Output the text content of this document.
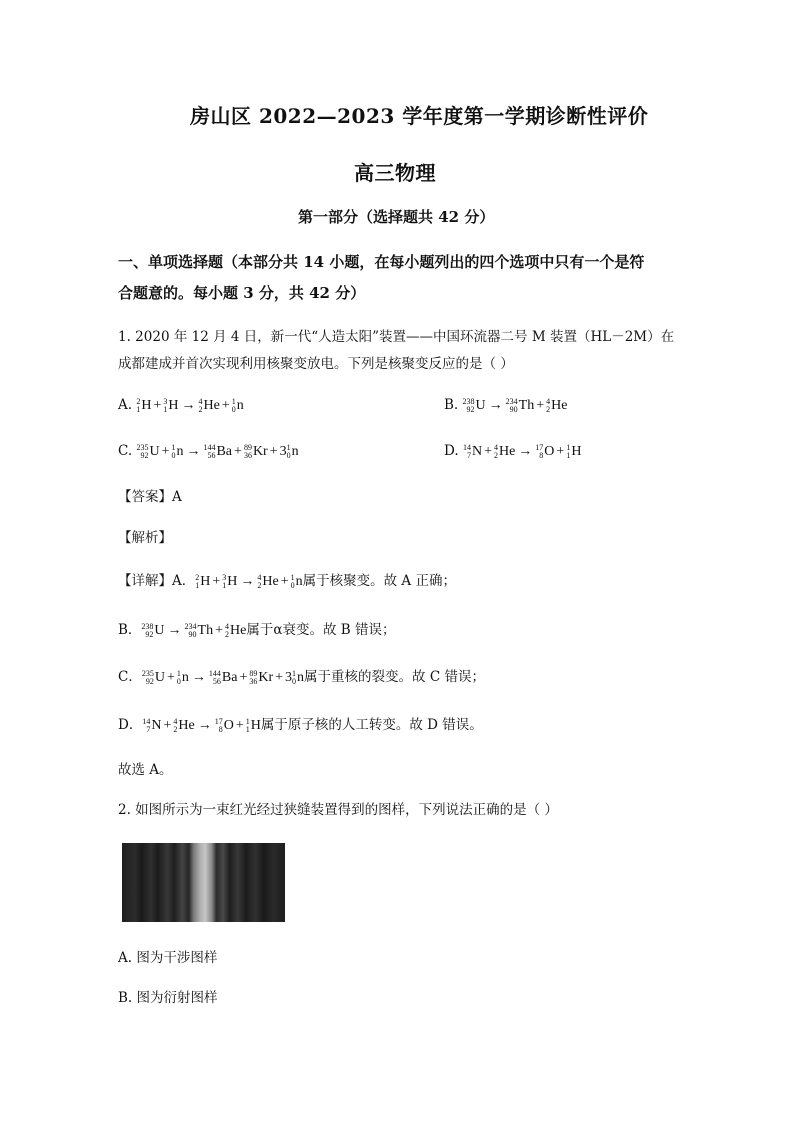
房山区 2022—2023 学年度第一学期诊断性评价
高三物理
第一部分（选择题共 42 分）
一、单项选择题（本部分共 14 小题，在每小题列出的四个选项中只有一个是符
合题意的。每小题 3 分，共 42 分）
1. 2020 年 12 月 4 日，新一代“人造太阳”装置——中国环流器二号 M 装置（HL－2M）在
成都建成并首次实现利用核聚变放电。下列是核聚变反应的是（ ）
A. 2
1 H + 3
1 H → 4
2 He + 1
0 n	B. 238
92 U → 234
90 Th + 4
2 He
C. 235
92 U + 1
0 n → 144
56 Ba + 89
36 Kr + 3 1
0 n	D. 14
7 N + 4
2 He → 17
8 O + 1
1 H
【答案】A
【解析】
【详解】A． 2
1 H + 3
1 H → 4
2 He + 1
0 n属于核聚变。故 A 正确；
B． 238
92 U → 234
90 Th + 4
2 He属于α衰变。故 B 错误；
C． 235
92 U + 1
0 n → 144
56 Ba + 89
36 Kr + 3 1
0 n属于重核的裂变。故 C 错误；
D． 14
7 N + 4
2 He → 17
8 O + 1
1 H属于原子核的人工转变。故 D 错误。
故选 A。
2. 如图所示为一束红光经过狭缝装置得到的图样，下列说法正确的是（ ）
A. 图为干涉图样
B. 图为衍射图样
